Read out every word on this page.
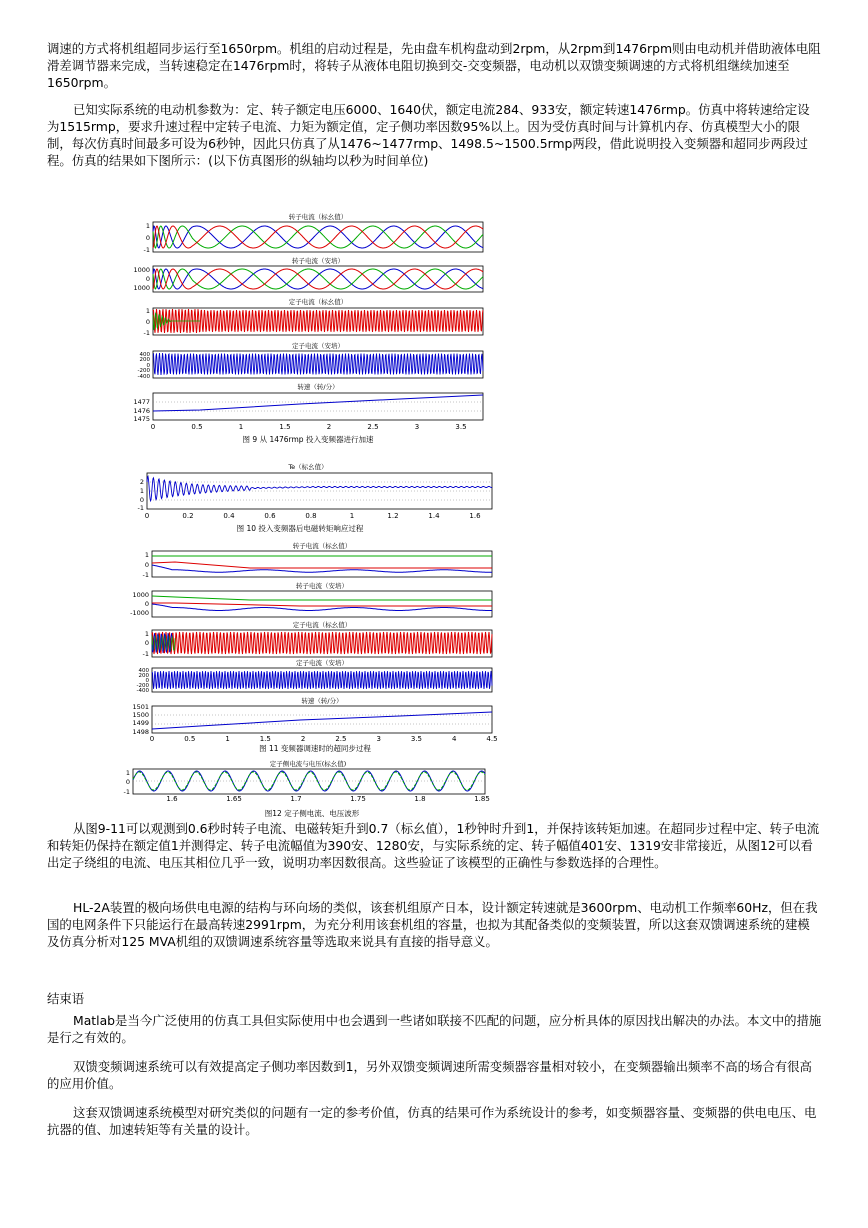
调速的方式将机组超同步运行至1650rpm。机组的启动过程是，先由盘车机构盘动到2rpm，从2rpm到1476rpm则由电动机并借助液体电阻滑差调节器来完成，当转速稳定在1476rpm时，将转子从液体电阻切换到交-交变频器，电动机以双馈变频调速的方式将机组继续加速至1650rpm。

已知实际系统的电动机参数为：定、转子额定电压6000、1640伏，额定电流284、933安，额定转速1476rmp。仿真中将转速给定设为1515rmp，要求升速过程中定转子电流、力矩为额定值，定子侧功率因数95%以上。因为受仿真时间与计算机内存、仿真模型大小的限制，每次仿真时间最多可设为6秒钟，因此只仿真了从1476~1477rmp、1498.5~1500.5rmp两段，借此说明投入变频器和超同步两段过程。仿真的结果如下图所示：(以下仿真图形的纵轴均以秒为时间单位)

转子电流（标幺值）
1
0
-1
转子电流（安培）
1000
0
1000
定子电流（标幺值）
1
0
-1
定子电流（安培）
400
200
0
-200
-400
转速（转/分）
1477
1476
1475
0	0.5	1	1.5	2	2.5	3	3.5
图 9 从 1476rmp 投入变频器进行加速
Te（标幺值）
2
1
0
-1
0	0.2	0.4	0.6	0.8	1	1.2	1.4	1.6
图 10 投入变频器后电磁转矩响应过程
转子电流（标幺值）
1
0
-1
转子电流（安培）
1000
0
-1000
定子电流（标幺值）
1
0
-1
定子电流（安培）
400
200
0
-200
-400
转速（转/分）
1501
1500
1499
1498
0	0.5	1	1.5	2	2.5	3	3.5	4	4.5
图 11 变频器调速时的超同步过程
定子侧电流与电压(标幺值)
1
0
-1
1.6	1.65	1.7	1.75	1.8	1.85
图12 定子侧电流、电压波形

从图9-11可以观测到0.6秒时转子电流、电磁转矩升到0.7（标幺值），1秒钟时升到1，并保持该转矩加速。在超同步过程中定、转子电流和转矩仍保持在额定值1并测得定、转子电流幅值为390安、1280安，与实际系统的定、转子幅值401安、1319安非常接近，从图12可以看出定子绕组的电流、电压其相位几乎一致，说明功率因数很高。这些验证了该模型的正确性与参数选择的合理性。

HL-2A装置的极向场供电电源的结构与环向场的类似，该套机组原产日本，设计额定转速就是3600rpm、电动机工作频率60Hz，但在我国的电网条件下只能运行在最高转速2991rpm，为充分利用该套机组的容量，也拟为其配备类似的变频装置，所以这套双馈调速系统的建模及仿真分析对125 MVA机组的双馈调速系统容量等选取来说具有直接的指导意义。

结束语

Matlab是当今广泛使用的仿真工具但实际使用中也会遇到一些诸如联接不匹配的问题，应分析具体的原因找出解决的办法。本文中的措施是行之有效的。

双馈变频调速系统可以有效提高定子侧功率因数到1，另外双馈变频调速所需变频器容量相对较小，在变频器输出频率不高的场合有很高的应用价值。

这套双馈调速系统模型对研究类似的问题有一定的参考价值，仿真的结果可作为系统设计的参考，如变频器容量、变频器的供电电压、电抗器的值、加速转矩等有关量的设计。
